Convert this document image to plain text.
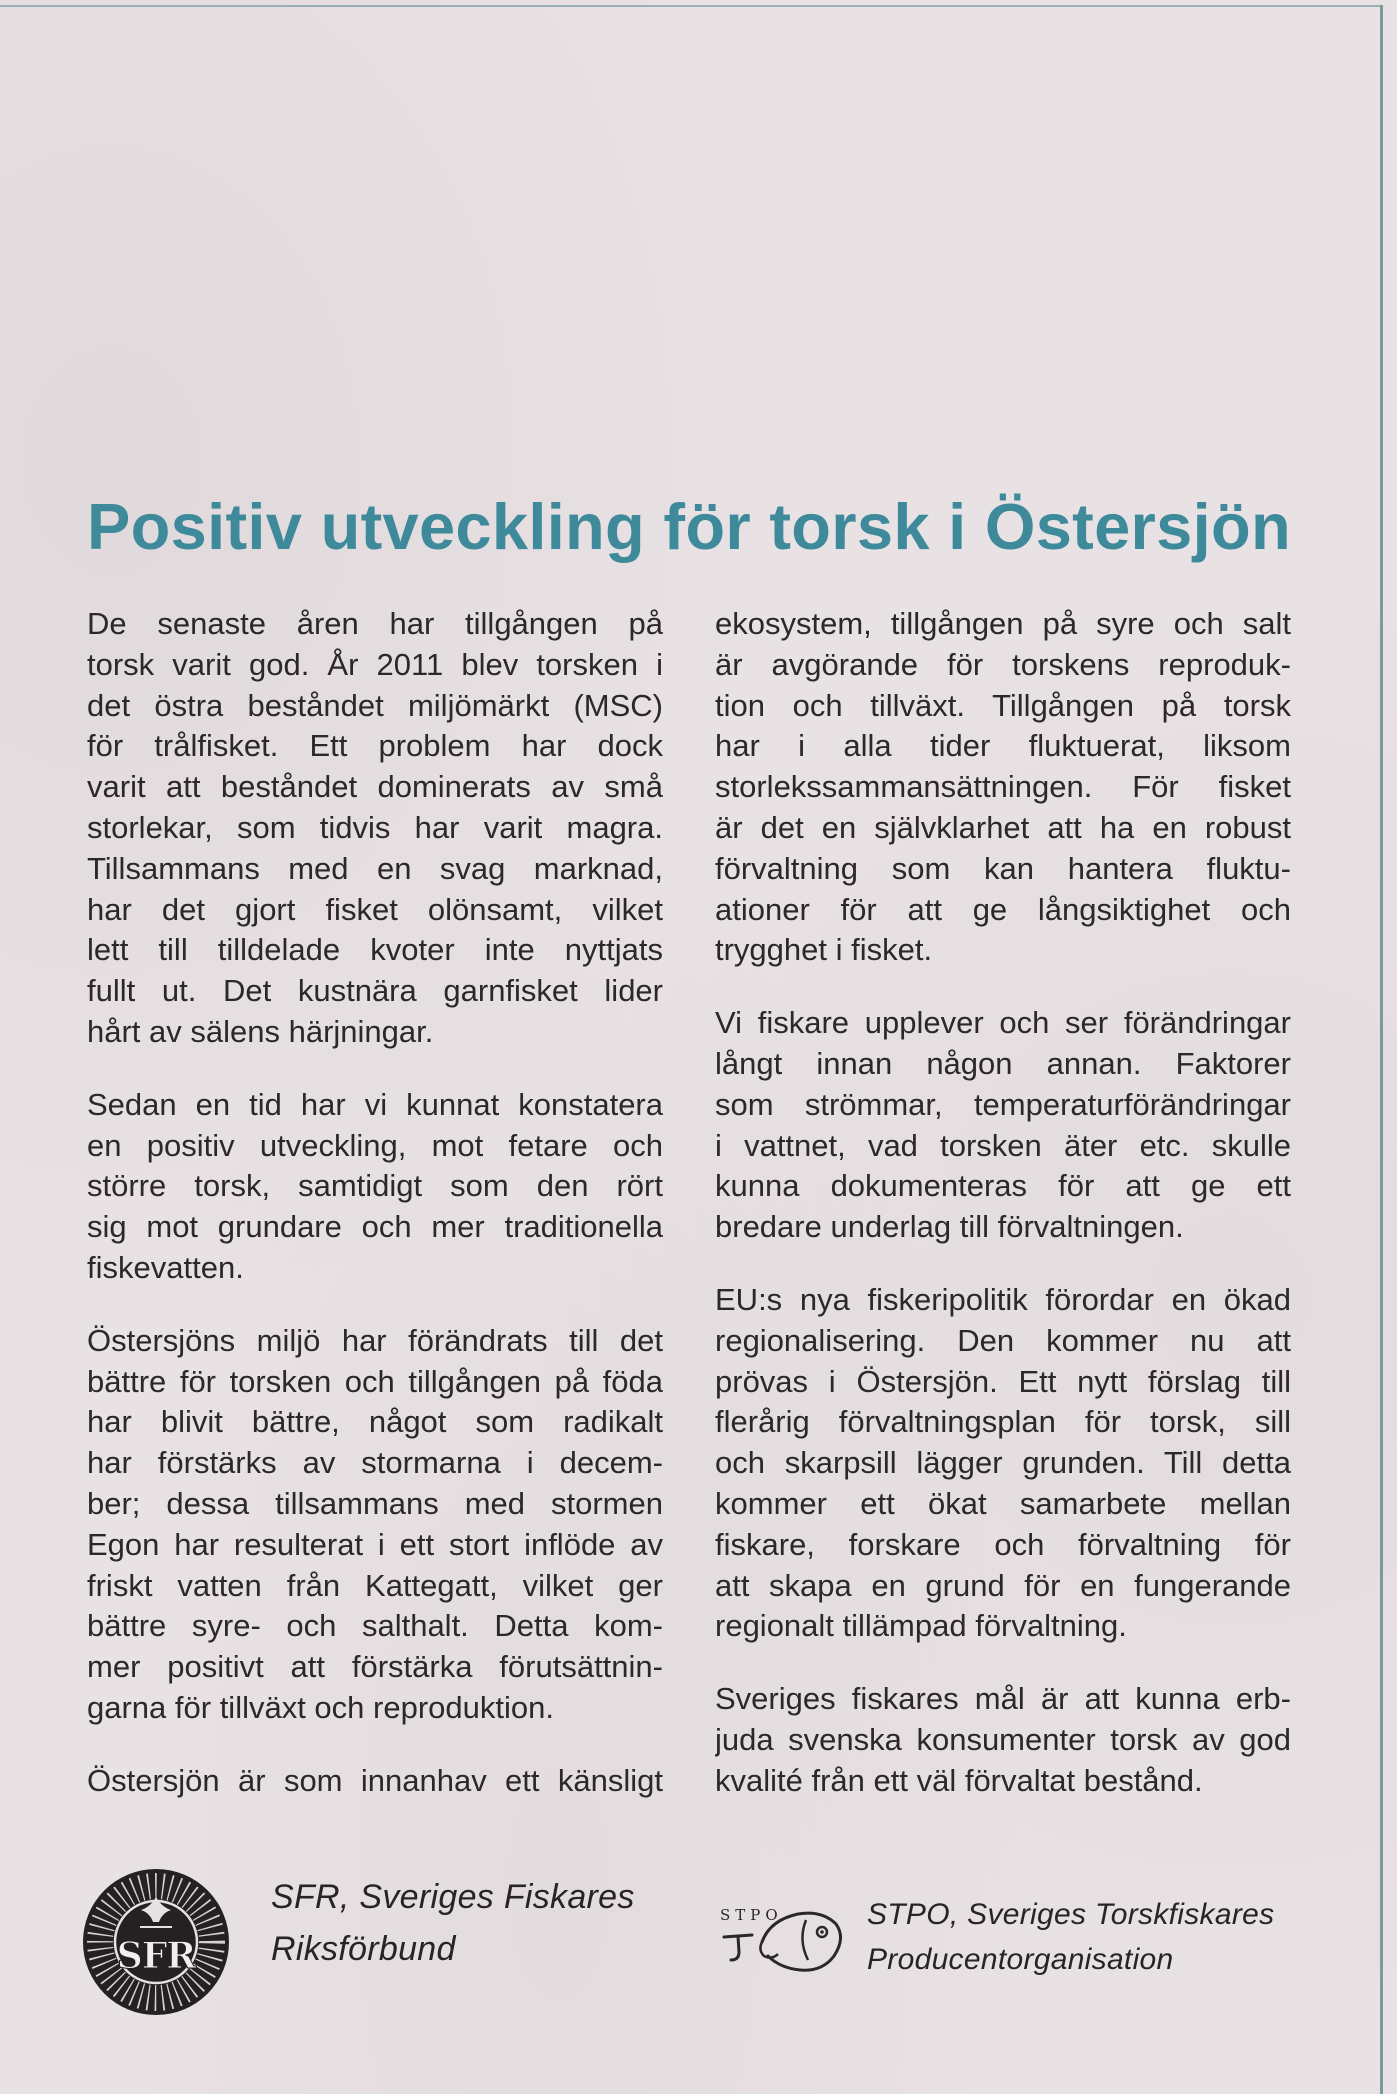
Positiv utveckling för torsk i Östersjön
De senaste åren har tillgången på
torsk varit god. År 2011 blev torsken i
det östra beståndet miljömärkt (MSC)
för trålfisket. Ett problem har dock
varit att beståndet dominerats av små
storlekar, som tidvis har varit magra.
Tillsammans med en svag marknad,
har det gjort fisket olönsamt, vilket
lett till tilldelade kvoter inte nyttjats
fullt ut. Det kustnära garnfisket lider
hårt av sälens härjningar.
Sedan en tid har vi kunnat konstatera
en positiv utveckling, mot fetare och
större torsk, samtidigt som den rört
sig mot grundare och mer traditionella
fiskevatten.
Östersjöns miljö har förändrats till det
bättre för torsken och tillgången på föda
har blivit bättre, något som radikalt
har förstärks av stormarna i decem-
ber; dessa tillsammans med stormen
Egon har resulterat i ett stort inflöde av
friskt vatten från Kattegatt, vilket ger
bättre syre- och salthalt. Detta kom-
mer positivt att förstärka förutsättnin-
garna för tillväxt och reproduktion.
Östersjön är som innanhav ett känsligt
ekosystem, tillgången på syre och salt
är avgörande för torskens reproduk-
tion och tillväxt. Tillgången på torsk
har i alla tider fluktuerat, liksom
storlekssammansättningen. För fisket
är det en självklarhet att ha en robust
förvaltning som kan hantera fluktu-
ationer för att ge långsiktighet och
trygghet i fisket.
Vi fiskare upplever och ser förändringar
långt innan någon annan. Faktorer
som strömmar, temperaturförändringar
i vattnet, vad torsken äter etc. skulle
kunna dokumenteras för att ge ett
bredare underlag till förvaltningen.
EU:s nya fiskeripolitik förordar en ökad
regionalisering. Den kommer nu att
prövas i Östersjön. Ett nytt förslag till
flerårig förvaltningsplan för torsk, sill
och skarpsill lägger grunden. Till detta
kommer ett ökat samarbete mellan
fiskare, forskare och förvaltning för
att skapa en grund för en fungerande
regionalt tillämpad förvaltning.
Sveriges fiskares mål är att kunna erb-
juda svenska konsumenter torsk av god
kvalité från ett väl förvaltat bestånd.
SFR
SFR, Sveriges Fiskares
Riksförbund
STPO	STPO, Sveriges Torskfiskares
Producentorganisation
